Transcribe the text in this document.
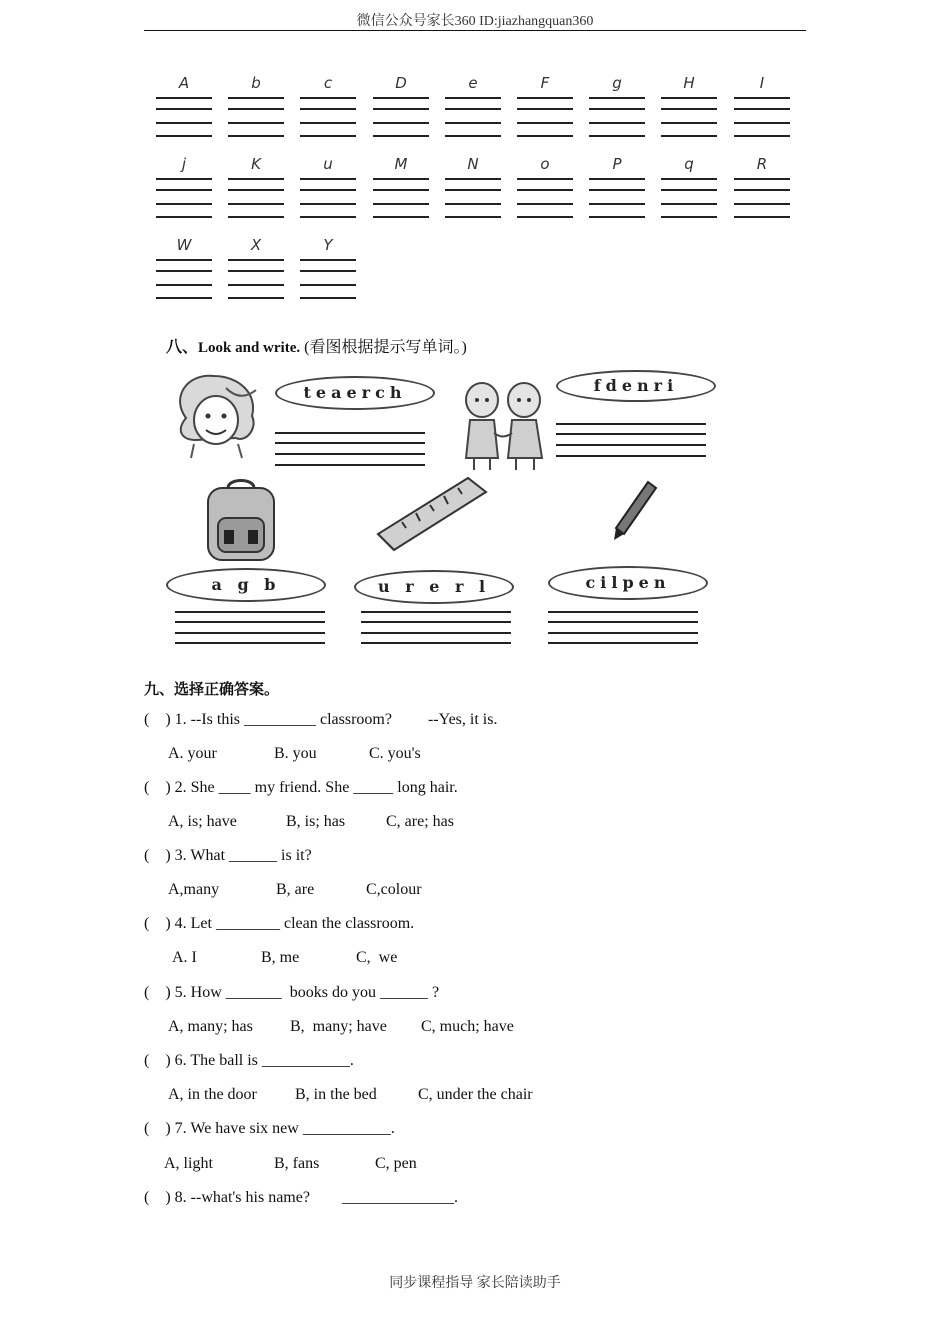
微信公众号家长360 ID:jiazhangquan360
A	b	c	D	e	F	g	H	I
j	K	u	M	N	o	P	q	R
W	X	Y
八、Look and write. (看图根据提示写单词。)
teaerch	fdenri
a g b	u r e r l	cilpen
九、选择正确答案。
(    ) 1. --Is this _________ classroom?         --Yes, it is.
A. your	B. you	C. you's
(    ) 2. She ____ my friend. She _____ long hair.
A, is; have	B, is; has	C, are; has
(    ) 3. What ______ is it?
A,many	B, are	C,colour
(    ) 4. Let ________ clean the classroom.
A. I	B, me	C,  we
(    ) 5. How _______  books do you ______ ?
A, many; has B,  many; have C, much; have
(    ) 6. The ball is ___________.
A, in the door B, in the bed	C, under the chair
(    ) 7. We have six new ___________.
A, light	B, fans	C, pen
(    ) 8. --what's his name?        ______________.
同步课程指导 家长陪读助手
